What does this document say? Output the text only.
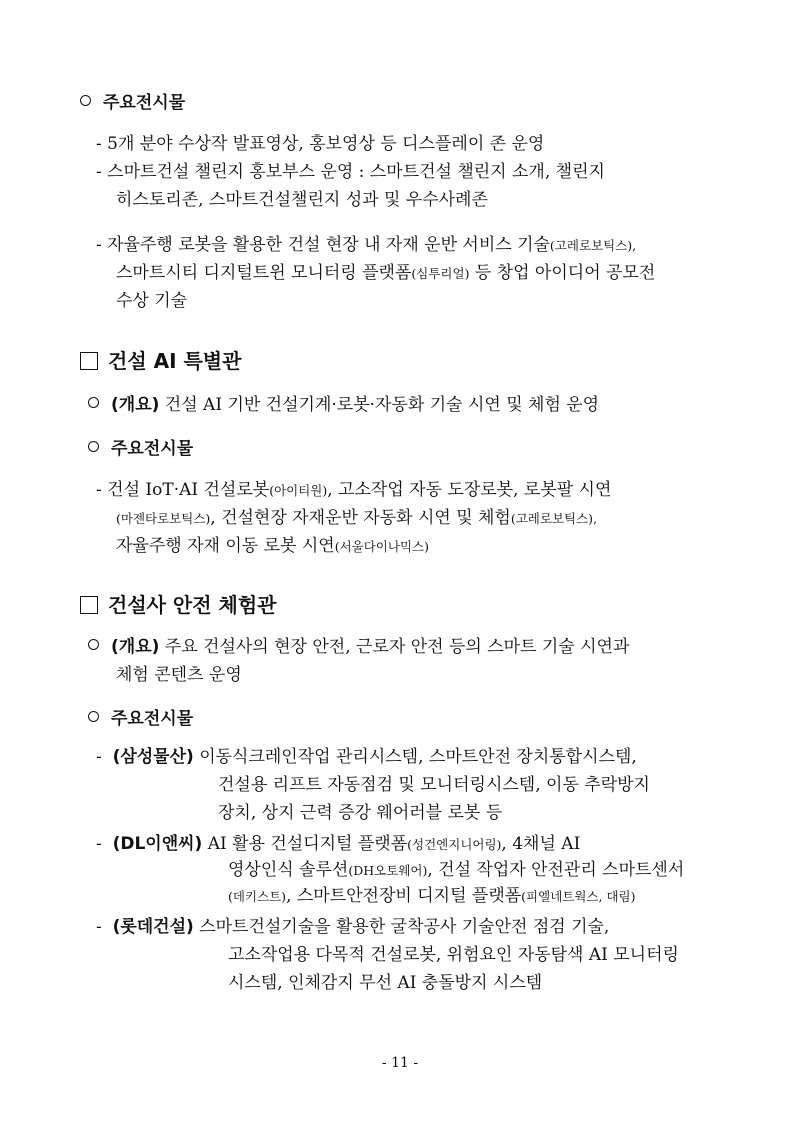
주요전시물
- 5개 분야 수상작 발표영상, 홍보영상 등 디스플레이 존 운영
- 스마트건설 챌린지 홍보부스 운영 : 스마트건설 챌린지 소개, 챌린지
히스토리존, 스마트건설챌린지 성과 및 우수사례존
- 자율주행 로봇을 활용한 건설 현장 내 자재 운반 서비스 기술(고레로보틱스),
스마트시티 디지털트윈 모니터링 플랫폼(심투리얼) 등 창업 아이디어 공모전
수상 기술
건설 AI 특별관
(개요) 건설 AI 기반 건설기계·로봇·자동화 기술 시연 및 체험 운영
주요전시물
- 건설 IoT·AI 건설로봇(아이티원), 고소작업 자동 도장로봇, 로봇팔 시연
(마젠타로보틱스), 건설현장 자재운반 자동화 시연 및 체험(고레로보틱스),
자율주행 자재 이동 로봇 시연(서울다이나믹스)
건설사 안전 체험관
(개요) 주요 건설사의 현장 안전, 근로자 안전 등의 스마트 기술 시연과
체험 콘텐츠 운영
주요전시물
-  (삼성물산) 이동식크레인작업 관리시스템, 스마트안전 장치통합시스템,
건설용 리프트 자동점검 및 모니터링시스템, 이동 추락방지
장치, 상지 근력 증강 웨어러블 로봇 등
-  (DL이앤씨) AI 활용 건설디지털 플랫폼(성건엔지니어링), 4채널 AI
영상인식 솔루션(DH오토웨어), 건설 작업자 안전관리 스마트센서
(데키스트), 스마트안전장비 디지털 플랫폼(피엘네트웍스, 대림)
-  (롯데건설) 스마트건설기술을 활용한 굴착공사 기술안전 점검 기술,
고소작업용 다목적 건설로봇, 위험요인 자동탐색 AI 모니터링
시스템, 인체감지 무선 AI 충돌방지 시스템
- 11 -
